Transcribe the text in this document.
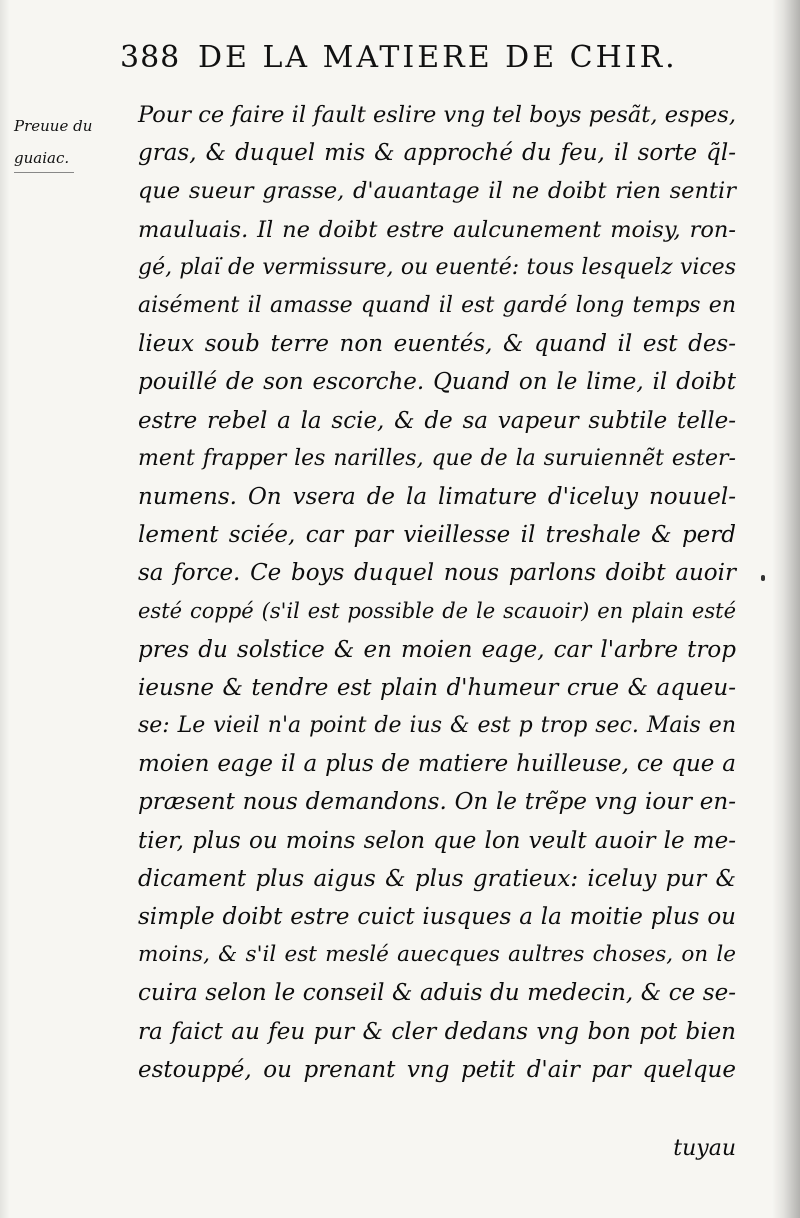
388 DE LA MATIERE DE CHIR.
Preuue du
guaiac.
Pour ce faire il fault eslire vng tel boys pesãt, espes,
gras, & duquel mis & approché du feu, il sorte q̃l-
que sueur grasse, d'auantage il ne doibt rien sentir
mauluais. Il ne doibt estre aulcunement moisy, ron-
gé, plaï de vermissure, ou euenté: tous lesquelz vices
aisément il amasse quand il est gardé long temps en
lieux soub terre non euentés, & quand il est des-
pouillé de son escorche. Quand on le lime, il doibt
estre rebel a la scie, & de sa vapeur subtile telle-
ment frapper les narilles, que de la suruiennẽt ester-
numens. On vsera de la limature d'iceluy nouuel-
lement sciée, car par vieillesse il treshale & perd
sa force. Ce boys duquel nous parlons doibt auoir
esté coppé (s'il est possible de le scauoir) en plain esté
pres du solstice & en moien eage, car l'arbre trop
ieusne & tendre est plain d'humeur crue & aqueu-
se: Le vieil n'a point de ius & est p trop sec. Mais en
moien eage il a plus de matiere huilleuse, ce que a
præsent nous demandons. On le trẽpe vng iour en-
tier, plus ou moins selon que lon veult auoir le me-
dicament plus aigus & plus gratieux: iceluy pur &
simple doibt estre cuict iusques a la moitie plus ou
moins, & s'il est meslé auecques aultres choses, on le
cuira selon le conseil & aduis du medecin, & ce se-
ra faict au feu pur & cler dedans vng bon pot bien
estouppé, ou prenant vng petit d'air par quelque
tuyau
